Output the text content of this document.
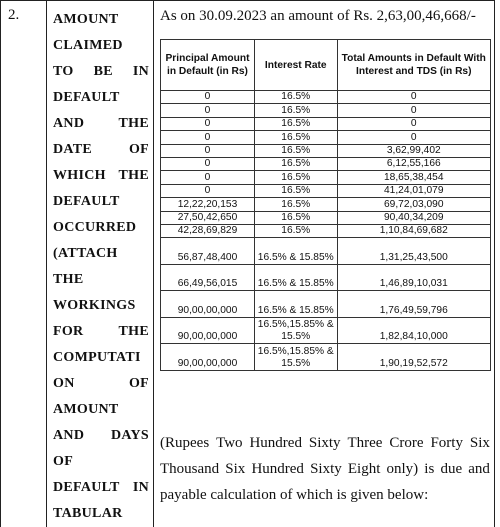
2. AMOUNT
CLAIMED
TO BE IN
DEFAULT
AND THE
DATE	OF
WHICH THE
DEFAULT
OCCURRED
(ATTACH
THE
WORKINGS
FOR	THE
COMPUTATI
ON	OF
AMOUNT
AND DAYS
OF
DEFAULT IN
TABULAR
As on 30.09.2023 an amount of Rs. 2,63,00,46,668/-
Principal Amount in Default (in Rs)	Interest Rate	Total Amounts in Default With Interest and TDS (in Rs)
0	16.5%	0
0	16.5%	0
0	16.5%	0
0	16.5%	0
0	16.5%	3,62,99,402
0	16.5%	6,12,55,166
0	16.5%	18,65,38,454
0	16.5%	41,24,01,079
12,22,20,153	16.5%	69,72,03,090
27,50,42,650	16.5%	90,40,34,209
42,28,69,829	16.5%	1,10,84,69,682
56,87,48,400	16.5% & 15.85%	1,31,25,43,500
66,49,56,015	16.5% & 15.85%	1,46,89,10,031
90,00,00,000	16.5% & 15.85%	1,76,49,59,796
90,00,00,000	16.5%,15.85% & 15.5%	1,82,84,10,000
90,00,00,000	16.5%,15.85% & 15.5%	1,90,19,52,572
(Rupees Two Hundred Sixty Three Crore Forty Six
Thousand Six Hundred Sixty Eight only) is due and
payable calculation of which is given below:
